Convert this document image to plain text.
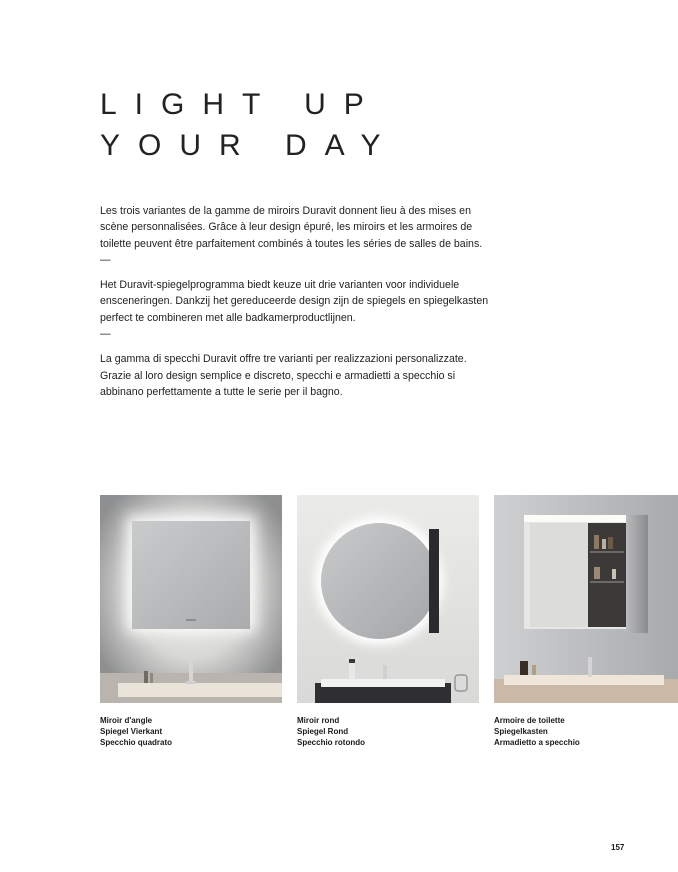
LIGHT UP
YOUR DAY

Les trois variantes de la gamme de miroirs Duravit donnent lieu à des mises en

scène personnalisées. Grâce à leur design épuré, les miroirs et les armoires de

toilette peuvent être parfaitement combinés à toutes les séries de salles de bains.

—

Het Duravit-spiegelprogramma biedt keuze uit drie varianten voor individuele

ensceneringen. Dankzij het gereduceerde design zijn de spiegels en spiegelkasten

perfect te combineren met alle badkamerproductlijnen.

—

La gamma di specchi Duravit offre tre varianti per realizzazioni personalizzate.

Grazie al loro design semplice e discreto, specchi e armadietti a specchio si

abbinano perfettamente a tutte le serie per il bagno.

Miroir d'angle
Spiegel Vierkant
Specchio quadrato
Miroir rond
Spiegel Rond
Specchio rotondo
Armoire de toilette
Spiegelkasten
Armadietto a specchio
157
